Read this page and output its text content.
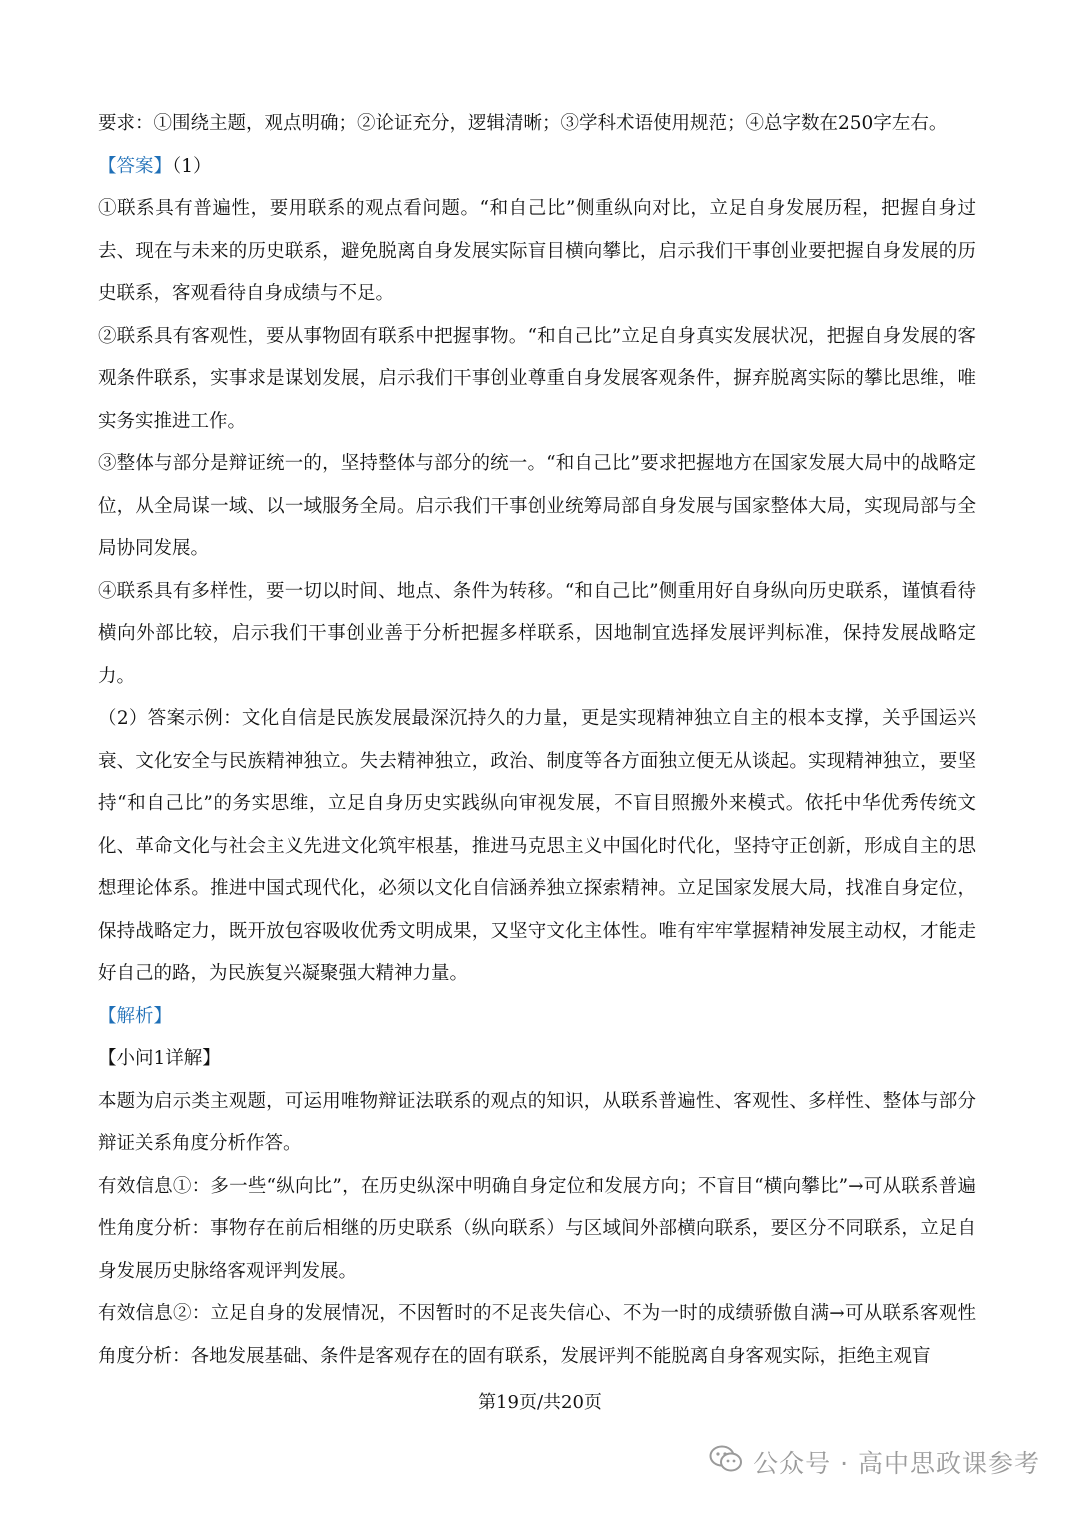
要求：①围绕主题，观点明确；②论证充分，逻辑清晰；③学科术语使用规范；④总字数在250字左右。

【答案】（1）

①联系具有普遍性，要用联系的观点看问题。“和自己比”侧重纵向对比，立足自身发展历程，把握自身过去、现在与未来的历史联系，避免脱离自身发展实际盲目横向攀比，启示我们干事创业要把握自身发展的历史联系，客观看待自身成绩与不足。

②联系具有客观性，要从事物固有联系中把握事物。“和自己比”立足自身真实发展状况，把握自身发展的客观条件联系，实事求是谋划发展，启示我们干事创业尊重自身发展客观条件，摒弃脱离实际的攀比思维，唯实务实推进工作。

③整体与部分是辩证统一的，坚持整体与部分的统一。“和自己比”要求把握地方在国家发展大局中的战略定位，从全局谋一域、以一域服务全局。启示我们干事创业统筹局部自身发展与国家整体大局，实现局部与全局协同发展。

④联系具有多样性，要一切以时间、地点、条件为转移。“和自己比”侧重用好自身纵向历史联系，谨慎看待横向外部比较，启示我们干事创业善于分析把握多样联系，因地制宜选择发展评判标准，保持发展战略定力。

（2）答案示例：文化自信是民族发展最深沉持久的力量，更是实现精神独立自主的根本支撑，关乎国运兴衰、文化安全与民族精神独立。失去精神独立，政治、制度等各方面独立便无从谈起。实现精神独立，要坚持“和自己比”的务实思维，立足自身历史实践纵向审视发展，不盲目照搬外来模式。依托中华优秀传统文化、革命文化与社会主义先进文化筑牢根基，推进马克思主义中国化时代化，坚持守正创新，形成自主的思想理论体系。推进中国式现代化，必须以文化自信涵养独立探索精神。立足国家发展大局，找准自身定位，保持战略定力，既开放包容吸收优秀文明成果，又坚守文化主体性。唯有牢牢掌握精神发展主动权，才能走好自己的路，为民族复兴凝聚强大精神力量。

【解析】

【小问1详解】

本题为启示类主观题，可运用唯物辩证法联系的观点的知识，从联系普遍性、客观性、多样性、整体与部分辩证关系角度分析作答。

有效信息①：多一些“纵向比”，在历史纵深中明确自身定位和发展方向；不盲目“横向攀比”→可从联系普遍性角度分析：事物存在前后相继的历史联系（纵向联系）与区域间外部横向联系，要区分不同联系，立足自身发展历史脉络客观评判发展。

有效信息②：立足自身的发展情况，不因暂时的不足丧失信心、不为一时的成绩骄傲自满→可从联系客观性角度分析：各地发展基础、条件是客观存在的固有联系，发展评判不能脱离自身客观实际，拒绝主观盲

第19页/共20页
公众号 · 高中思政课参考
